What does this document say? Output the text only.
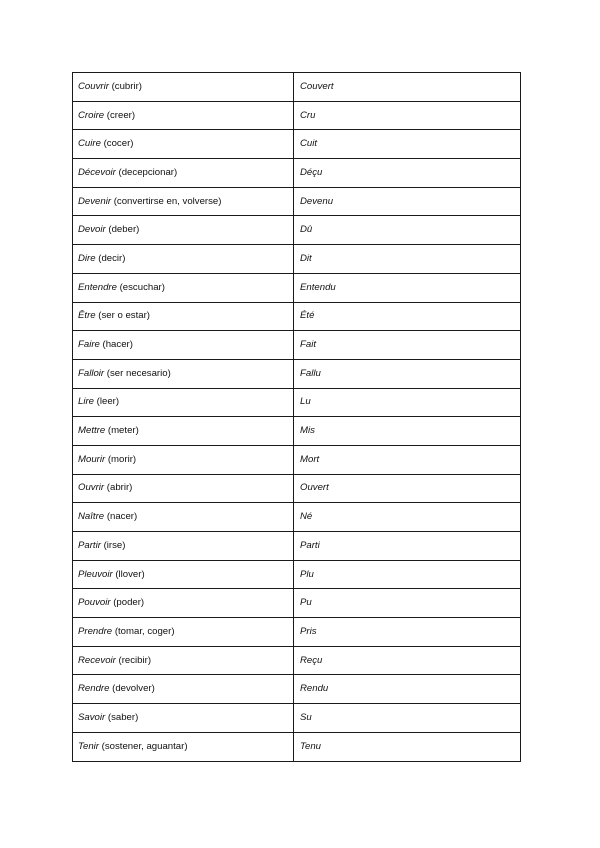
Couvrir (cubrir)	Couvert
Croire (creer)	Cru
Cuire (cocer)	Cuit
Décevoir (decepcionar)	Déçu
Devenir (convertirse en, volverse)	Devenu
Devoir (deber)	Dû
Dire (decir)	Dit
Entendre (escuchar)	Entendu
Être (ser o estar)	Été
Faire (hacer)	Fait
Falloir (ser necesario)	Fallu
Lire (leer)	Lu
Mettre (meter)	Mis
Mourir (morir)	Mort
Ouvrir (abrir)	Ouvert
Naître (nacer)	Né
Partir (irse)	Parti
Pleuvoir (llover)	Plu
Pouvoir (poder)	Pu
Prendre (tomar, coger)	Pris
Recevoir (recibir)	Reçu
Rendre (devolver)	Rendu
Savoir (saber)	Su
Tenir (sostener, aguantar)	Tenu
